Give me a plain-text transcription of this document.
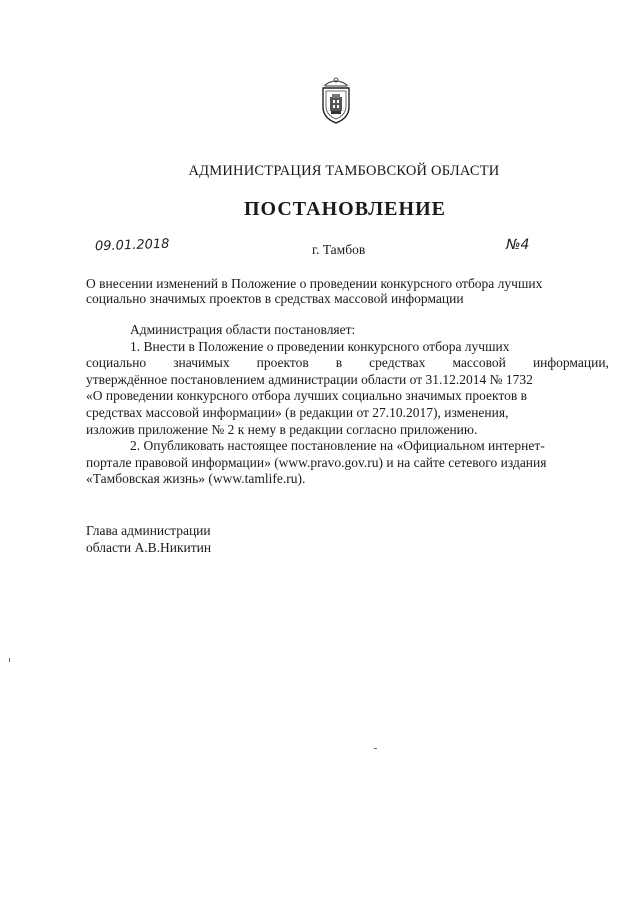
АДМИНИСТРАЦИЯ ТАМБОВСКОЙ ОБЛАСТИ
ПОСТАНОВЛЕНИЕ
09.01.2018	г. Тамбов	№4
О внесении изменений в Положение о проведении конкурсного отбора лучших
социально значимых проектов в средствах массовой информации
Администрация области постановляет:
1. Внести в Положение о проведении конкурсного отбора лучших
социально значимых проектов в средствах массовой информации,
утверждённое постановлением администрации области от 31.12.2014 № 1732
«О проведении конкурсного отбора лучших социально значимых проектов в
средствах массовой информации» (в редакции от 27.10.2017), изменения,
изложив приложение № 2 к нему в редакции согласно приложению.
2. Опубликовать настоящее постановление на «Официальном интернет-
портале правовой информации» (www.pravo.gov.ru) и на сайте сетевого издания
«Тамбовская жизнь» (www.tamlife.ru).
Глава администрации
области А.В.Никитин
